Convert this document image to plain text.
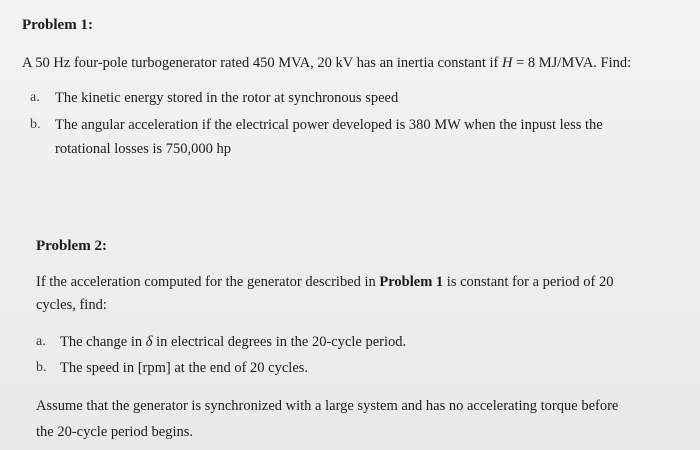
Problem 1:
A 50 Hz four-pole turbogenerator rated 450 MVA, 20 kV has an inertia constant if H = 8 MJ/MVA. Find:
a. The kinetic energy stored in the rotor at synchronous speed
b. The angular acceleration if the electrical power developed is 380 MW when the inpust less the
rotational losses is 750,000 hp
Problem 2:
If the acceleration computed for the generator described in Problem 1 is constant for a period of 20
cycles, find:
a. The change in δ in electrical degrees in the 20-cycle period.
b. The speed in [rpm] at the end of 20 cycles.
Assume that the generator is synchronized with a large system and has no accelerating torque before
the 20-cycle period begins.
